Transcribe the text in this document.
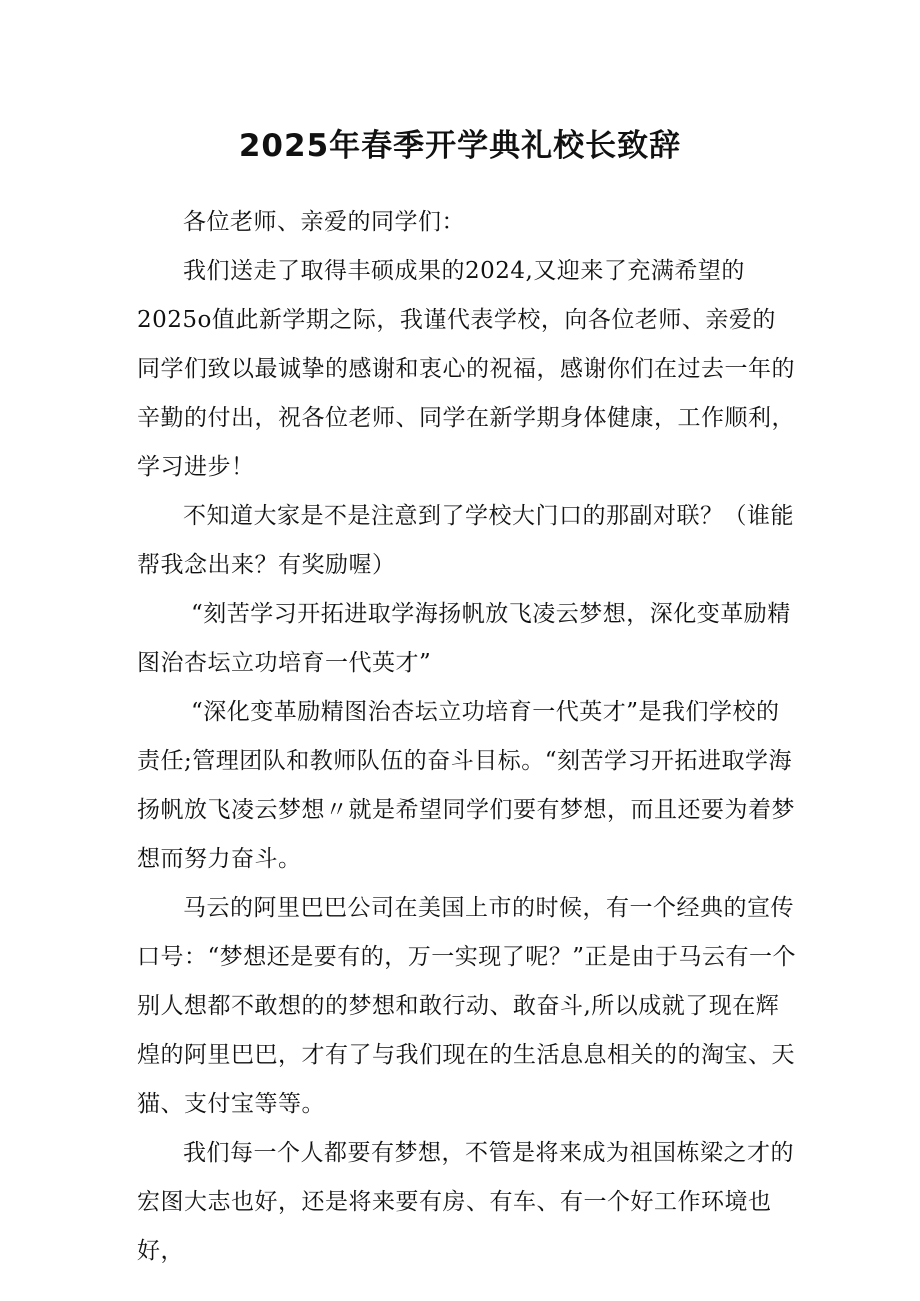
2025年春季开学典礼校长致辞

各位老师、亲爱的同学们：

我们送走了取得丰硕成果的2024,又迎来了充满希望的2025o值此新学期之际，我谨代表学校，向各位老师、亲爱的同学们致以最诚挚的感谢和衷心的祝福，感谢你们在过去一年的辛勤的付出，祝各位老师、同学在新学期身体健康，工作顺利，学习进步！

不知道大家是不是注意到了学校大门口的那副对联？（谁能帮我念出来？有奖励喔）

“刻苦学习开拓进取学海扬帆放飞凌云梦想，深化变革励精图治杏坛立功培育一代英才”

“深化变革励精图治杏坛立功培育一代英才”是我们学校的责任;管理团队和教师队伍的奋斗目标。“刻苦学习开拓进取学海扬帆放飞凌云梦想〃就是希望同学们要有梦想，而且还要为着梦想而努力奋斗。

马云的阿里巴巴公司在美国上市的时候，有一个经典的宣传口号：“梦想还是要有的，万一实现了呢？”正是由于马云有一个别人想都不敢想的的梦想和敢行动、敢奋斗,所以成就了现在辉煌的阿里巴巴，才有了与我们现在的生活息息相关的的淘宝、天猫、支付宝等等。

我们每一个人都要有梦想，不管是将来成为祖国栋梁之才的宏图大志也好，还是将来要有房、有车、有一个好工作环境也好，
